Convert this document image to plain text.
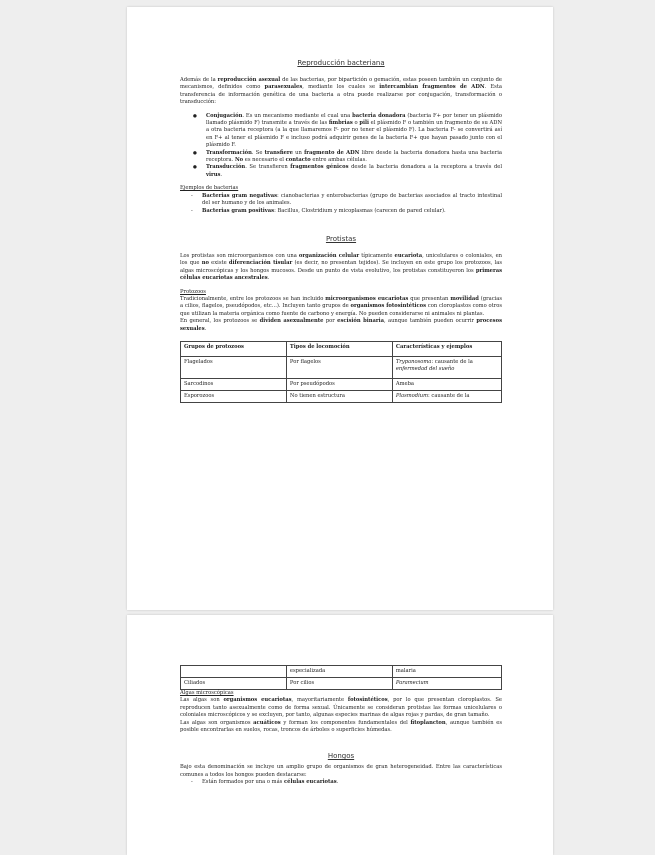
Reproducción bacteriana

Además de la reproducción asexual de las bacterias, por bipartición o gemación, estas poseen también un conjunto de mecanismos, definidos como parasexuales, mediante los cuales se intercambian fragmentos de ADN. Esta transferencia de información genética de una bacteria a otra puede realizarse por conjugación, transformación o transducción:

● Conjugación. Es un mecanismo mediante el cual una bacteria donadora (bacteria F+ por tener un plásmido llamado plásmido F) transmite a través de las fimbrias o pili el plásmido F o también un fragmento de su ADN a otra bacteria receptora (a la que llamaremos F- por no tener el plásmido F). La bacteria F- se convertirá así en F+ al tener el plásmido F e incluso podrá adquirir genes de la bacteria F+ que hayan pasado junto con el plásmido F.
● Transformación. Se transfiere un fragmento de ADN libre desde la bacteria donadora hasta una bacteria receptora. No es necesario el contacto entre ambas células.
● Transducción. Se transfieren fragmentos génicos desde la bacteria donadora a la receptora a través del virus.

Ejemplos de bacterias

- Bacterias gram negativas: cianobacterias y enterobacterias (grupo de bacterias asociados al tracto intestinal del ser humano y de los animales.
- Bacterias gram positivas: Bacillus, Clostridium y micoplasmas (carecen de pared celular).

Protistas

Los protistas son microorganismos con una organización celular típicamente eucariota, unicelulares o coloniales, en los que no existe diferenciación tisular (es decir, no presentan tejidos). Se incluyen en este grupo los protozoos, las algas microscópicas y los hongos mucosos. Desde un punto de vista evolutivo, los protistas constituyeron los primeras células eucariotas ancestrales.

Protozoos

Tradicionalmente, entre los protozoos se han incluido microorganismos eucariotas que presentan movilidad (gracias a cilios, flagelos, pseudópodos, etc…). Incluyen tanto grupos de organismos fotosintéticos con cloroplastos como otros que utilizan la materia orgánica como fuente de carbono y energía. No pueden considerarse ni animales ni plantas.

En general, los protozoos se dividen asexualmente por escisión binaria, aunque también pueden ocurrir procesos sexuales.

Grupos de protozoos	Tipos de locomoción	Características y ejemplos
Flagelados	Por flagelos	Trypanosoma: causante de la enfermedad del sueño
Sarcodinos	Por pseudópodos	Ameba
Esporozoos	No tienen estructura	Plasmodium: causante de la
	especializada	malaria
Ciliados	Por cilios	Paramecium

Algas microscópicas

Las algas son organismos eucariotas, mayoritariamente fotosintéticos, por lo que presentan cloroplastos. Se reproducen tanto asexualmente como de forma sexual. Únicamente se consideran protistas las formas unicelulares o coloniales microscópicos y se excluyen, por tanto, algunas especies marinas de algas rojas y pardas, de gran tamaño.

Las algas son organismos acuáticos y forman los componentes fundamentales del fitoplancton, aunque también es posible encontrarlas en suelos, rocas, troncos de árboles o superficies húmedas.

Hongos

Bajo esta denominación se incluye un amplio grupo de organismos de gran heterogeneidad. Entre las características comunes a todos los hongos pueden destacarse:

- Están formados por una o más células eucariotas.
